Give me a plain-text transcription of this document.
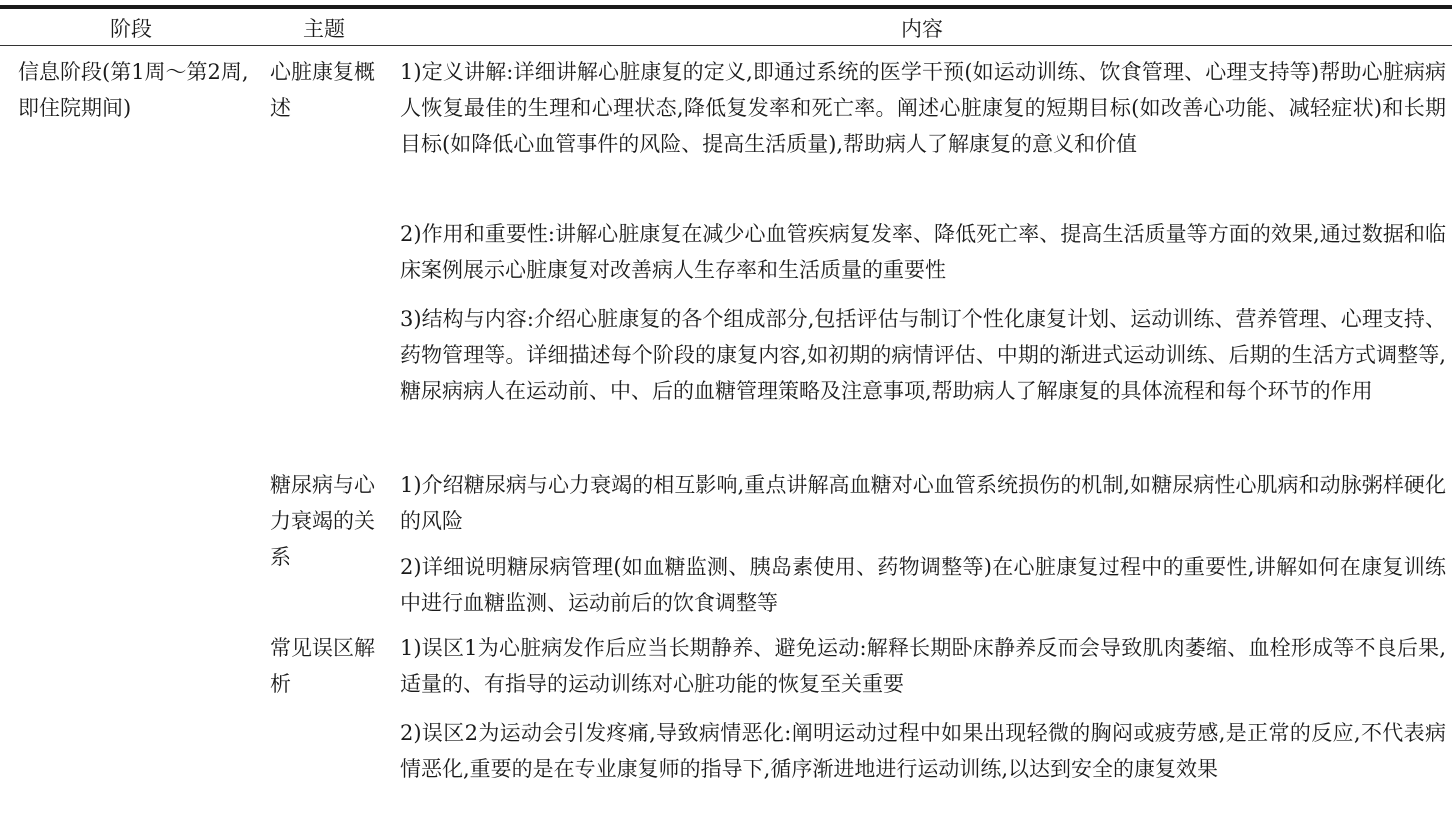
阶段	主题	内容
信息阶段(第1周～第2周,即住院期间)
心脏康复概述
糖尿病与心力衰竭的关系
常见误区解析
1)定义讲解:详细讲解心脏康复的定义,即通过系统的医学干预(如运动训练、饮食管理、心理支持等)帮助心脏病病人恢复最佳的生理和心理状态,降低复发率和死亡率。阐述心脏康复的短期目标(如改善心功能、减轻症状)和长期目标(如降低心血管事件的风险、提高生活质量),帮助病人了解康复的意义和价值
2)作用和重要性:讲解心脏康复在减少心血管疾病复发率、降低死亡率、提高生活质量等方面的效果,通过数据和临床案例展示心脏康复对改善病人生存率和生活质量的重要性
3)结构与内容:介绍心脏康复的各个组成部分,包括评估与制订个性化康复计划、运动训练、营养管理、心理支持、药物管理等。详细描述每个阶段的康复内容,如初期的病情评估、中期的渐进式运动训练、后期的生活方式调整等,糖尿病病人在运动前、中、后的血糖管理策略及注意事项,帮助病人了解康复的具体流程和每个环节的作用
1)介绍糖尿病与心力衰竭的相互影响,重点讲解高血糖对心血管系统损伤的机制,如糖尿病性心肌病和动脉粥样硬化的风险
2)详细说明糖尿病管理(如血糖监测、胰岛素使用、药物调整等)在心脏康复过程中的重要性,讲解如何在康复训练中进行血糖监测、运动前后的饮食调整等
1)误区1为心脏病发作后应当长期静养、避免运动:解释长期卧床静养反而会导致肌肉萎缩、血栓形成等不良后果,适量的、有指导的运动训练对心脏功能的恢复至关重要
2)误区2为运动会引发疼痛,导致病情恶化:阐明运动过程中如果出现轻微的胸闷或疲劳感,是正常的反应,不代表病情恶化,重要的是在专业康复师的指导下,循序渐进地进行运动训练,以达到安全的康复效果
